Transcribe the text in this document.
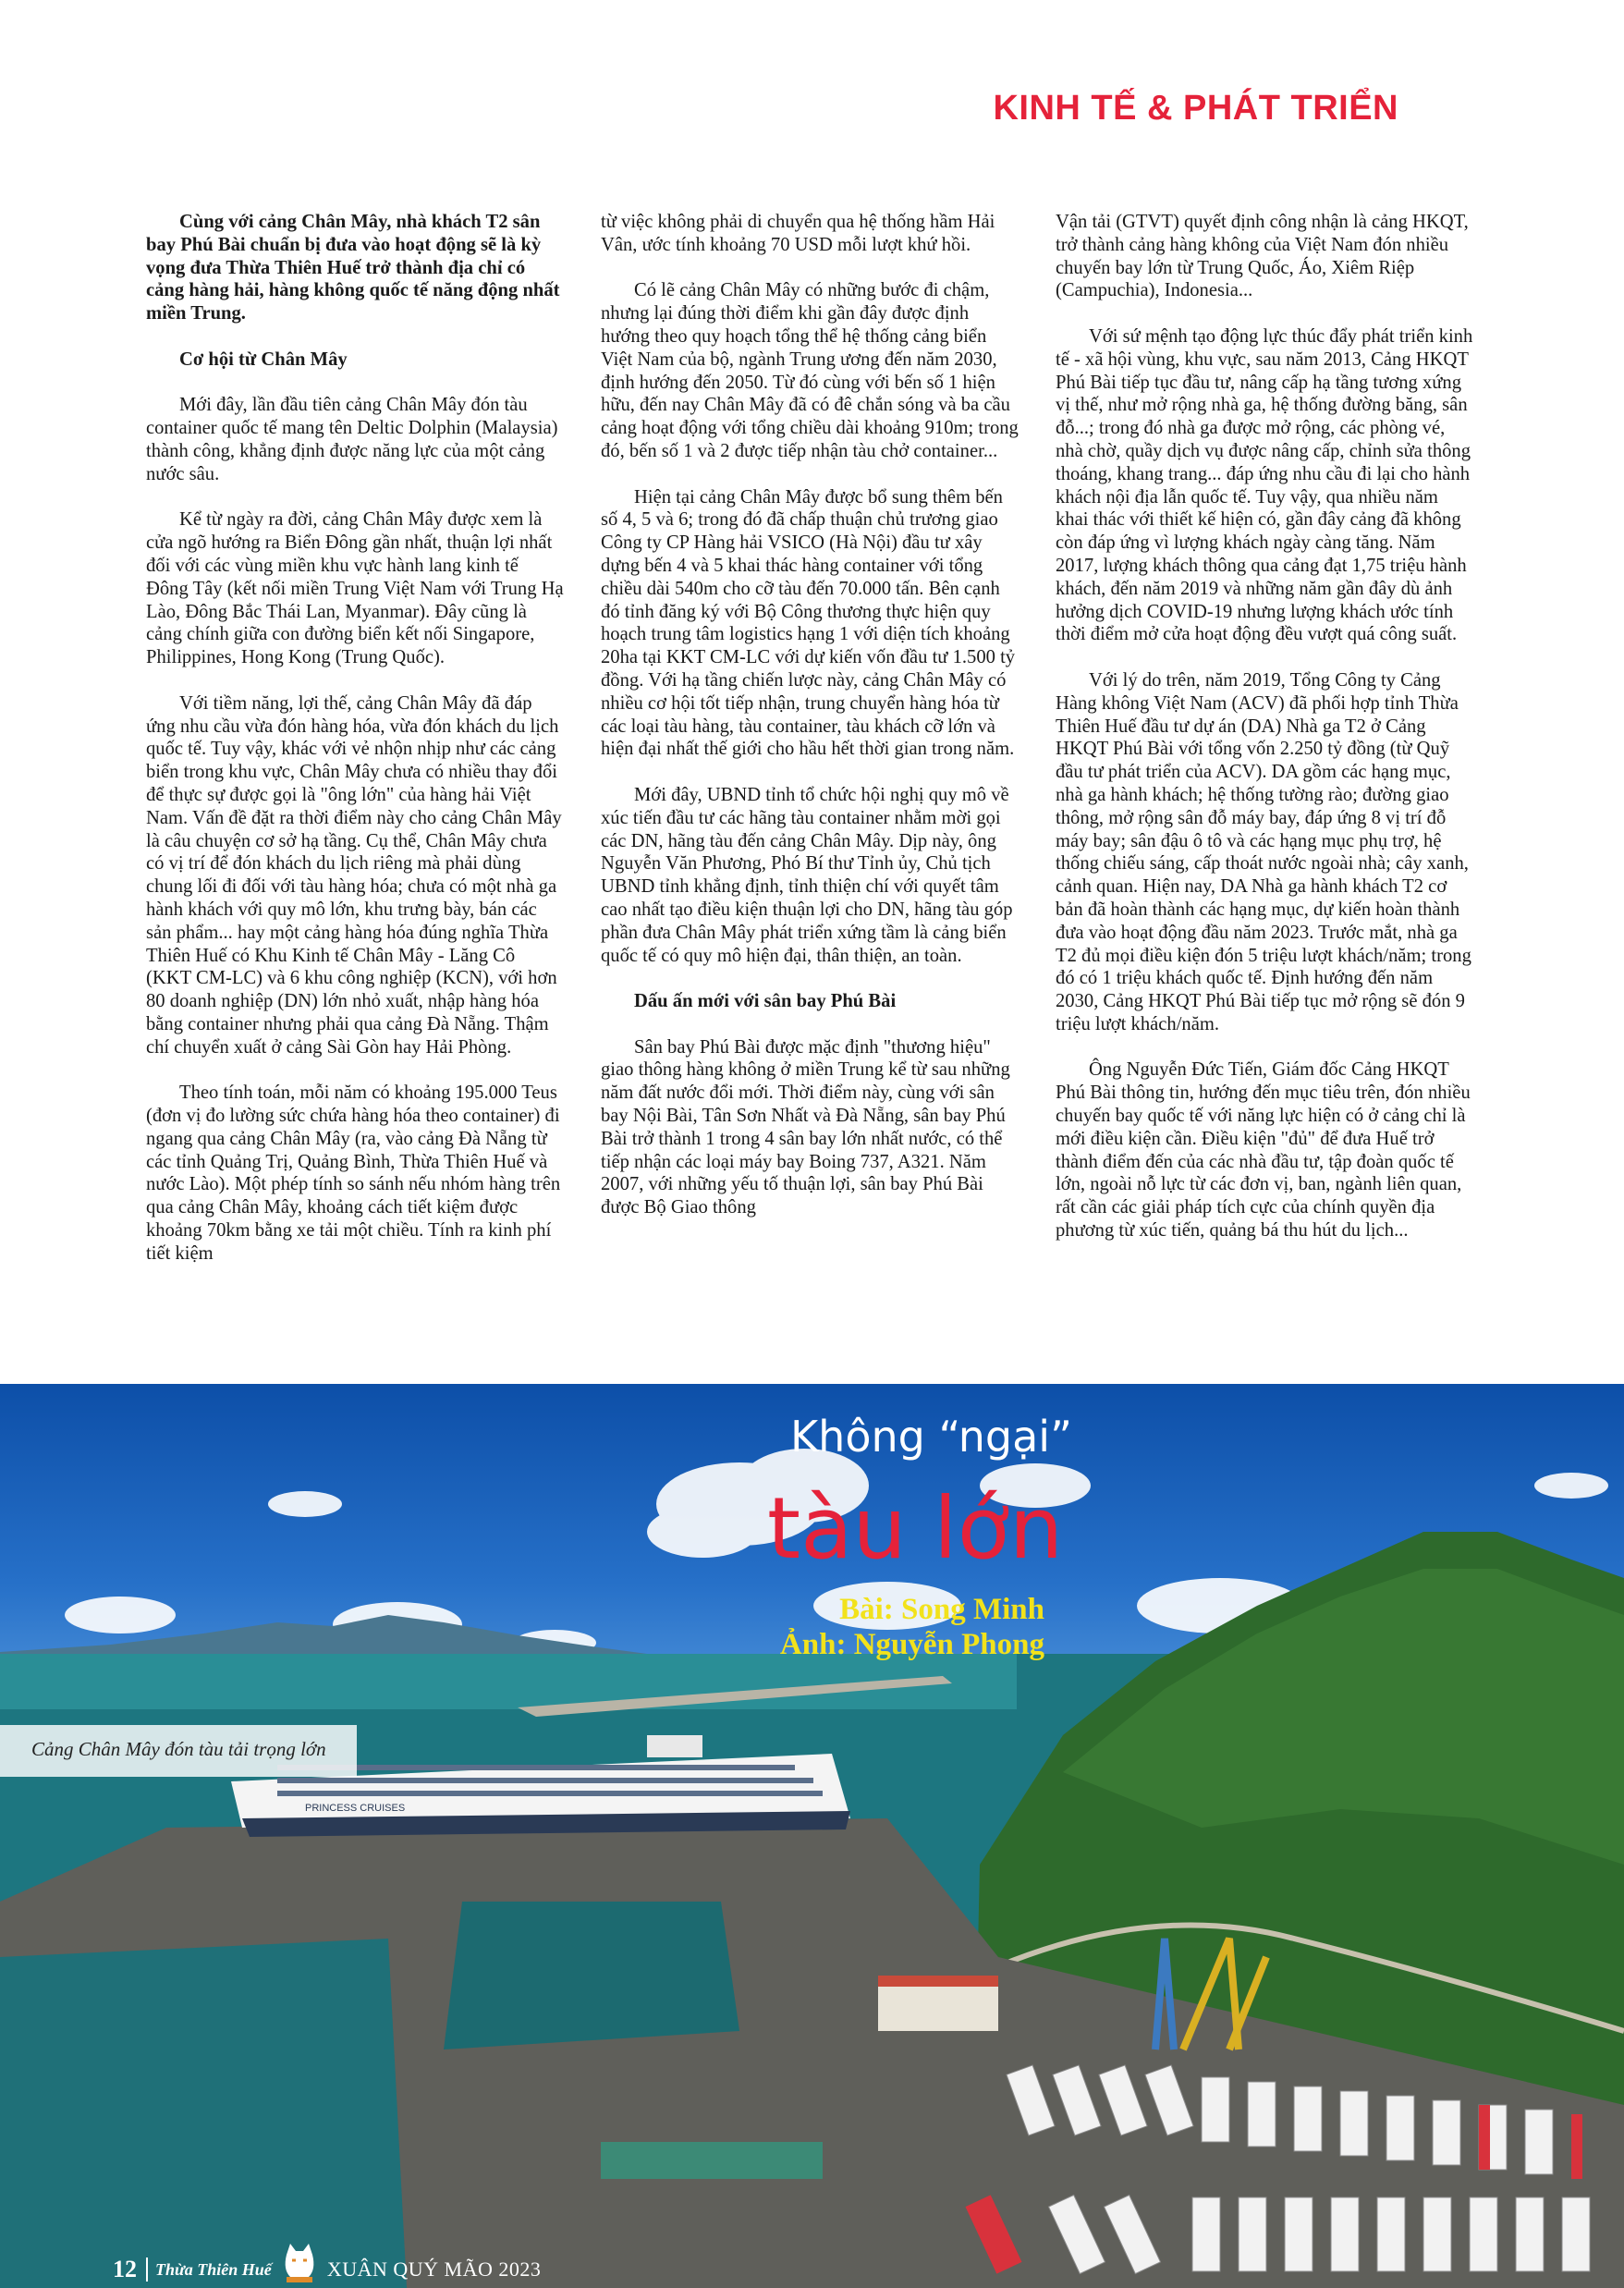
KINH TẾ & PHÁT TRIỂN

Cùng với cảng Chân Mây, nhà khách T2 sân bay Phú Bài chuẩn bị đưa vào hoạt động sẽ là kỳ vọng đưa Thừa Thiên Huế trở thành địa chỉ có cảng hàng hải, hàng không quốc tế năng động nhất miền Trung.

Cơ hội từ Chân Mây

Mới đây, lần đầu tiên cảng Chân Mây đón tàu container quốc tế mang tên Deltic Dolphin (Malaysia) thành công, khẳng định được năng lực của một cảng nước sâu.

Kể từ ngày ra đời, cảng Chân Mây được xem là cửa ngõ hướng ra Biển Đông gần nhất, thuận lợi nhất đối với các vùng miền khu vực hành lang kinh tế Đông Tây (kết nối miền Trung Việt Nam với Trung Hạ Lào, Đông Bắc Thái Lan, Myanmar). Đây cũng là cảng chính giữa con đường biển kết nối Singapore, Philippines, Hong Kong (Trung Quốc).

Với tiềm năng, lợi thế, cảng Chân Mây đã đáp ứng nhu cầu vừa đón hàng hóa, vừa đón khách du lịch quốc tế. Tuy vậy, khác với vẻ nhộn nhịp như các cảng biển trong khu vực, Chân Mây chưa có nhiều thay đổi để thực sự được gọi là "ông lớn" của hàng hải Việt Nam. Vấn đề đặt ra thời điểm này cho cảng Chân Mây là câu chuyện cơ sở hạ tầng. Cụ thể, Chân Mây chưa có vị trí để đón khách du lịch riêng mà phải dùng chung lối đi đối với tàu hàng hóa; chưa có một nhà ga hành khách với quy mô lớn, khu trưng bày, bán các sản phẩm... hay một cảng hàng hóa đúng nghĩa Thừa Thiên Huế có Khu Kinh tế Chân Mây - Lăng Cô (KKT CM-LC) và 6 khu công nghiệp (KCN), với hơn 80 doanh nghiệp (DN) lớn nhỏ xuất, nhập hàng hóa bằng container nhưng phải qua cảng Đà Nẵng. Thậm chí chuyển xuất ở cảng Sài Gòn hay Hải Phòng.

Theo tính toán, mỗi năm có khoảng 195.000 Teus (đơn vị đo lường sức chứa hàng hóa theo container) đi ngang qua cảng Chân Mây (ra, vào cảng Đà Nẵng từ các tỉnh Quảng Trị, Quảng Bình, Thừa Thiên Huế và nước Lào). Một phép tính so sánh nếu nhóm hàng trên qua cảng Chân Mây, khoảng cách tiết kiệm được khoảng 70km bằng xe tải một chiều. Tính ra kinh phí tiết kiệm

từ việc không phải di chuyển qua hệ thống hầm Hải Vân, ước tính khoảng 70 USD mỗi lượt khứ hồi.

Có lẽ cảng Chân Mây có những bước đi chậm, nhưng lại đúng thời điểm khi gần đây được định hướng theo quy hoạch tổng thể hệ thống cảng biển Việt Nam của bộ, ngành Trung ương đến năm 2030, định hướng đến 2050. Từ đó cùng với bến số 1 hiện hữu, đến nay Chân Mây đã có đê chắn sóng và ba cầu cảng hoạt động với tổng chiều dài khoảng 910m; trong đó, bến số 1 và 2 được tiếp nhận tàu chở container...

Hiện tại cảng Chân Mây được bổ sung thêm bến số 4, 5 và 6; trong đó đã chấp thuận chủ trương giao Công ty CP Hàng hải VSICO (Hà Nội) đầu tư xây dựng bến 4 và 5 khai thác hàng container với tổng chiều dài 540m cho cỡ tàu đến 70.000 tấn. Bên cạnh đó tỉnh đăng ký với Bộ Công thương thực hiện quy hoạch trung tâm logistics hạng 1 với diện tích khoảng 20ha tại KKT CM-LC với dự kiến vốn đầu tư 1.500 tỷ đồng. Với hạ tầng chiến lược này, cảng Chân Mây có nhiều cơ hội tốt tiếp nhận, trung chuyển hàng hóa từ các loại tàu hàng, tàu container, tàu khách cỡ lớn và hiện đại nhất thế giới cho hầu hết thời gian trong năm.

Mới đây, UBND tỉnh tổ chức hội nghị quy mô về xúc tiến đầu tư các hãng tàu container nhằm mời gọi các DN, hãng tàu đến cảng Chân Mây. Dịp này, ông Nguyễn Văn Phương, Phó Bí thư Tỉnh ủy, Chủ tịch UBND tỉnh khẳng định, tỉnh thiện chí với quyết tâm cao nhất tạo điều kiện thuận lợi cho DN, hãng tàu góp phần đưa Chân Mây phát triển xứng tầm là cảng biển quốc tế có quy mô hiện đại, thân thiện, an toàn.

Dấu ấn mới với sân bay Phú Bài

Sân bay Phú Bài được mặc định "thương hiệu" giao thông hàng không ở miền Trung kể từ sau những năm đất nước đổi mới. Thời điểm này, cùng với sân bay Nội Bài, Tân Sơn Nhất và Đà Nẵng, sân bay Phú Bài trở thành 1 trong 4 sân bay lớn nhất nước, có thể tiếp nhận các loại máy bay Boing 737, A321. Năm 2007, với những yếu tố thuận lợi, sân bay Phú Bài được Bộ Giao thông

Vận tải (GTVT) quyết định công nhận là cảng HKQT, trở thành cảng hàng không của Việt Nam đón nhiều chuyến bay lớn từ Trung Quốc, Áo, Xiêm Riệp (Campuchia), Indonesia...

Với sứ mệnh tạo động lực thúc đẩy phát triển kinh tế - xã hội vùng, khu vực, sau năm 2013, Cảng HKQT Phú Bài tiếp tục đầu tư, nâng cấp hạ tầng tương xứng vị thế, như mở rộng nhà ga, hệ thống đường băng, sân đỗ...; trong đó nhà ga được mở rộng, các phòng vé, nhà chờ, quầy dịch vụ được nâng cấp, chỉnh sửa thông thoáng, khang trang... đáp ứng nhu cầu đi lại cho hành khách nội địa lẫn quốc tế. Tuy vậy, qua nhiều năm khai thác với thiết kế hiện có, gần đây cảng đã không còn đáp ứng vì lượng khách ngày càng tăng. Năm 2017, lượng khách thông qua cảng đạt 1,75 triệu hành khách, đến năm 2019 và những năm gần đây dù ảnh hưởng dịch COVID-19 nhưng lượng khách ước tính thời điểm mở cửa hoạt động đều vượt quá công suất.

Với lý do trên, năm 2019, Tổng Công ty Cảng Hàng không Việt Nam (ACV) đã phối hợp tỉnh Thừa Thiên Huế đầu tư dự án (DA) Nhà ga T2 ở Cảng HKQT Phú Bài với tổng vốn 2.250 tỷ đồng (từ Quỹ đầu tư phát triển của ACV). DA gồm các hạng mục, nhà ga hành khách; hệ thống tường rào; đường giao thông, mở rộng sân đỗ máy bay, đáp ứng 8 vị trí đỗ máy bay; sân đậu ô tô và các hạng mục phụ trợ, hệ thống chiếu sáng, cấp thoát nước ngoài nhà; cây xanh, cảnh quan. Hiện nay, DA Nhà ga hành khách T2 cơ bản đã hoàn thành các hạng mục, dự kiến hoàn thành đưa vào hoạt động đầu năm 2023. Trước mắt, nhà ga T2 đủ mọi điều kiện đón 5 triệu lượt khách/năm; trong đó có 1 triệu khách quốc tế. Định hướng đến năm 2030, Cảng HKQT Phú Bài tiếp tục mở rộng sẽ đón 9 triệu lượt khách/năm.

Ông Nguyễn Đức Tiến, Giám đốc Cảng HKQT Phú Bài thông tin, hướng đến mục tiêu trên, đón nhiều chuyến bay quốc tế với năng lực hiện có ở cảng chỉ là mới điều kiện cần. Điều kiện "đủ" để đưa Huế trở thành điểm đến của các nhà đầu tư, tập đoàn quốc tế lớn, ngoài nỗ lực từ các đơn vị, ban, ngành liên quan, rất cần các giải pháp tích cực của chính quyền địa phương từ xúc tiến, quảng bá thu hút du lịch...

PRINCESS CRUISES
Không “ngại”
tàu lớn
Bài: Song Minh
Ảnh: Nguyễn Phong
Cảng Chân Mây đón tàu tải trọng lớn
12 Thừa Thiên Huế	XUÂN QUÝ MÃO 2023
